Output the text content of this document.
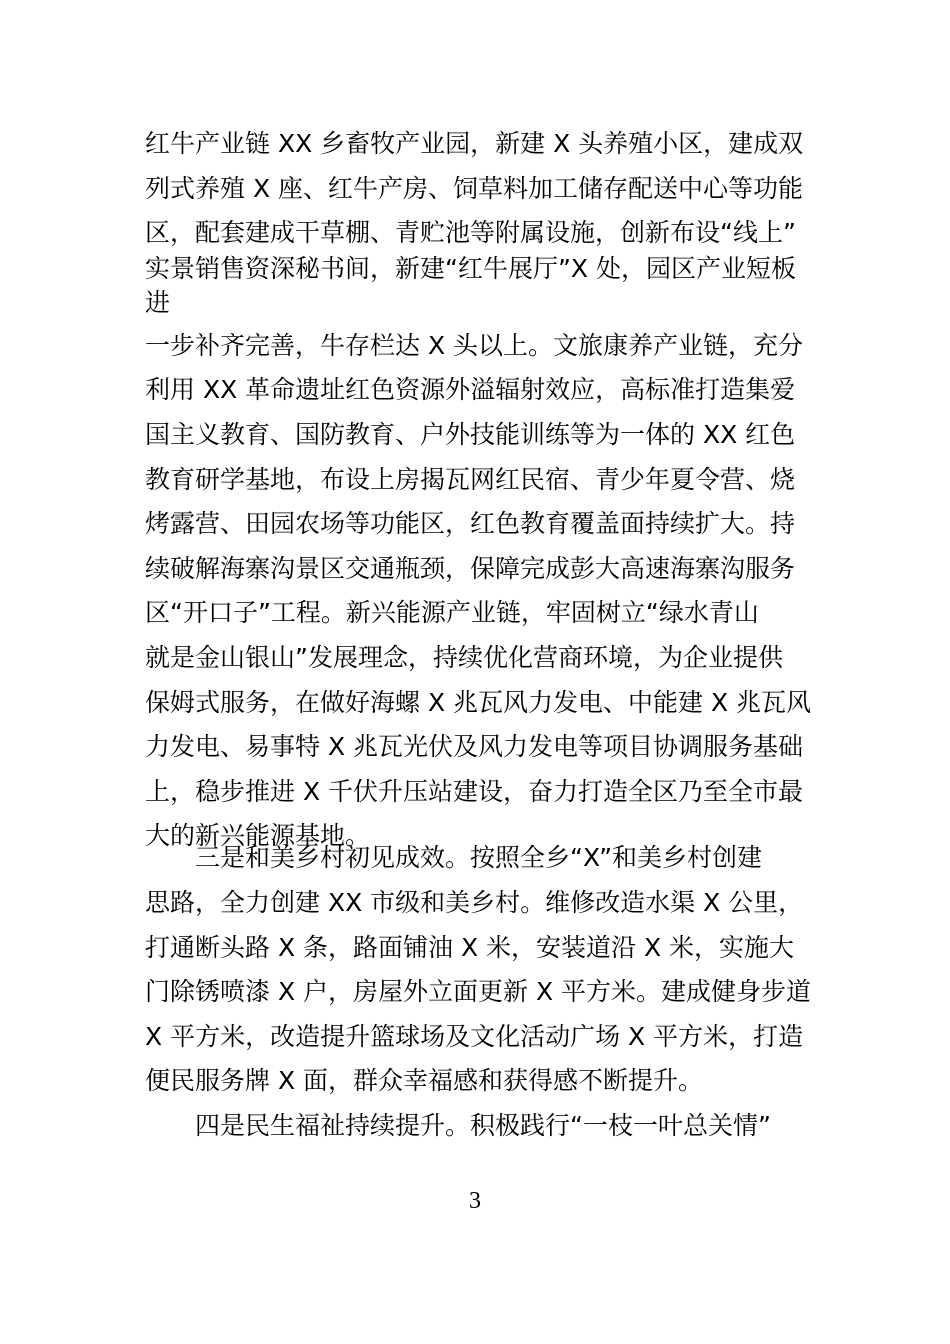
红牛产业链 XX 乡畜牧产业园，新建 X 头养殖小区，建成双
列式养殖 X 座、红牛产房、饲草料加工储存配送中心等功能
区，配套建成干草棚、青贮池等附属设施，创新布设“线上”
实景销售资深秘书间，新建“红牛展厅”X 处，园区产业短板
进
一步补齐完善，牛存栏达 X 头以上。文旅康养产业链，充分
利用 XX 革命遗址红色资源外溢辐射效应，高标准打造集爱
国主义教育、国防教育、户外技能训练等为一体的 XX 红色
教育研学基地，布设上房揭瓦网红民宿、青少年夏令营、烧
烤露营、田园农场等功能区，红色教育覆盖面持续扩大。持
续破解海寨沟景区交通瓶颈，保障完成彭大高速海寨沟服务
区“开口子”工程。新兴能源产业链，牢固树立“绿水青山
就是金山银山”发展理念，持续优化营商环境，为企业提供
保姆式服务，在做好海螺 X 兆瓦风力发电、中能建 X 兆瓦风
力发电、易事特 X 兆瓦光伏及风力发电等项目协调服务基础
上，稳步推进 X 千伏升压站建设，奋力打造全区乃至全市最
大的新兴能源基地。
三是和美乡村初见成效。按照全乡“X”和美乡村创建
思路，全力创建 XX 市级和美乡村。维修改造水渠 X 公里，
打通断头路 X 条，路面铺油 X 米，安装道沿 X 米，实施大
门除锈喷漆 X 户，房屋外立面更新 X 平方米。建成健身步道
X 平方米，改造提升篮球场及文化活动广场 X 平方米，打造
便民服务牌 X 面，群众幸福感和获得感不断提升。
四是民生福祉持续提升。积极践行“一枝一叶总关情”
3
